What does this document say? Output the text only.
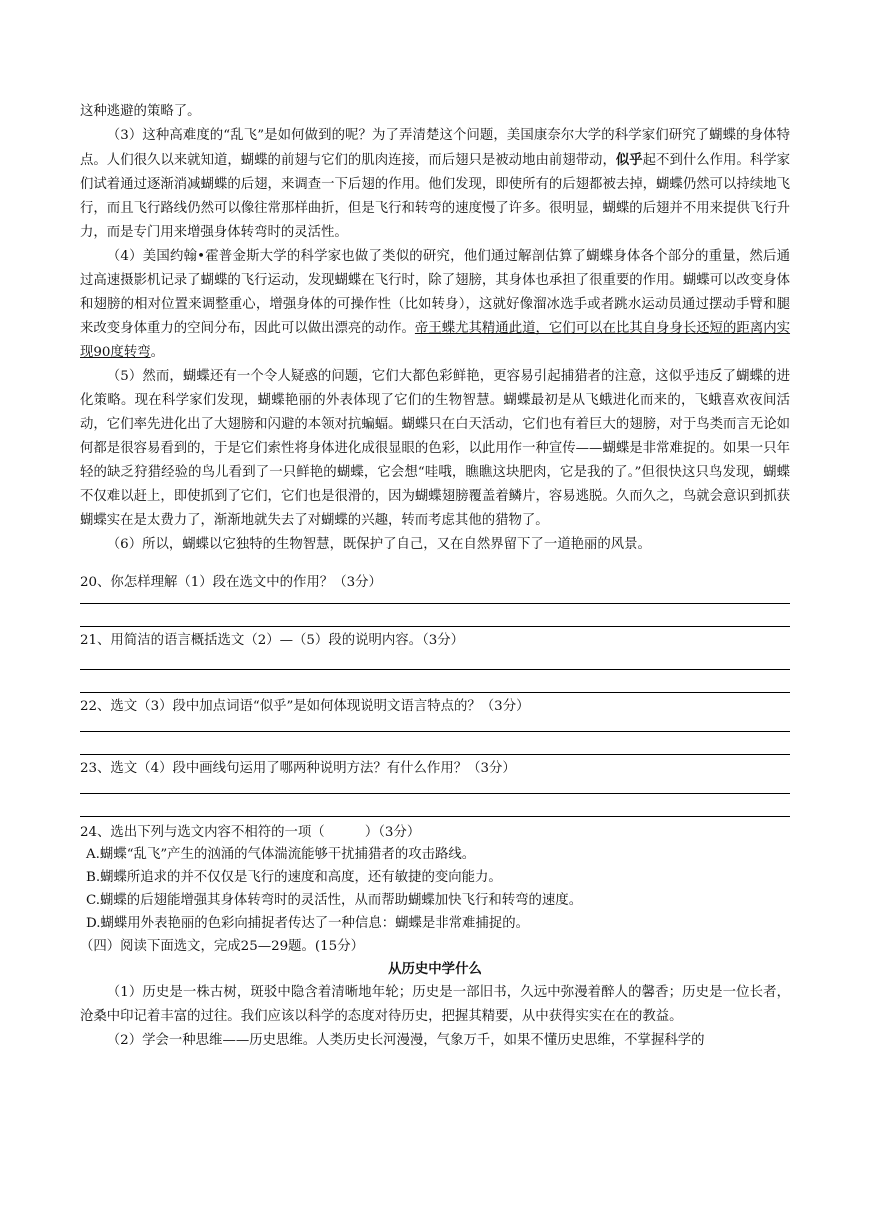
这种逃避的策略了。

（3）这种高难度的“乱飞”是如何做到的呢？为了弄清楚这个问题，美国康奈尔大学的科学家们研究了蝴蝶的身体特点。人们很久以来就知道，蝴蝶的前翅与它们的肌肉连接，而后翅只是被动地由前翅带动，似乎起不到什么作用。科学家们试着通过逐渐消减蝴蝶的后翅，来调查一下后翅的作用。他们发现，即使所有的后翅都被去掉，蝴蝶仍然可以持续地飞行，而且飞行路线仍然可以像往常那样曲折，但是飞行和转弯的速度慢了许多。很明显，蝴蝶的后翅并不用来提供飞行升力，而是专门用来增强身体转弯时的灵活性。

（4）美国约翰•霍普金斯大学的科学家也做了类似的研究，他们通过解剖估算了蝴蝶身体各个部分的重量，然后通过高速摄影机记录了蝴蝶的飞行运动，发现蝴蝶在飞行时，除了翅膀，其身体也承担了很重要的作用。蝴蝶可以改变身体和翅膀的相对位置来调整重心，增强身体的可操作性（比如转身），这就好像溜冰选手或者跳水运动员通过摆动手臂和腿来改变身体重力的空间分布，因此可以做出漂亮的动作。帝王蝶尤其精通此道，它们可以在比其自身身长还短的距离内实现90度转弯。

（5）然而，蝴蝶还有一个令人疑惑的问题，它们大都色彩鲜艳，更容易引起捕猎者的注意，这似乎违反了蝴蝶的进化策略。现在科学家们发现，蝴蝶艳丽的外表体现了它们的生物智慧。蝴蝶最初是从飞蛾进化而来的，飞蛾喜欢夜间活动，它们率先进化出了大翅膀和闪避的本领对抗蝙蝠。蝴蝶只在白天活动，它们也有着巨大的翅膀，对于鸟类而言无论如何都是很容易看到的，于是它们索性将身体进化成很显眼的色彩，以此用作一种宣传——蝴蝶是非常难捉的。如果一只年轻的缺乏狩猎经验的鸟儿看到了一只鲜艳的蝴蝶，它会想“哇哦，瞧瞧这块肥肉，它是我的了。”但很快这只鸟发现，蝴蝶不仅难以赶上，即使抓到了它们，它们也是很滑的，因为蝴蝶翅膀覆盖着鳞片，容易逃脱。久而久之，鸟就会意识到抓获蝴蝶实在是太费力了，渐渐地就失去了对蝴蝶的兴趣，转而考虑其他的猎物了。

（6）所以，蝴蝶以它独特的生物智慧，既保护了自己，又在自然界留下了一道艳丽的风景。

20、你怎样理解（1）段在选文中的作用？（3分）

21、用简洁的语言概括选文（2）—（5）段的说明内容。（3分）

22、选文（3）段中加点词语“似乎”是如何体现说明文语言特点的？（3分）

23、选文（4）段中画线句运用了哪两种说明方法？有什么作用？（3分）

24、选出下列与选文内容不相符的一项（　　　）（3分）

A.蝴蝶“乱飞”产生的汹涌的气体湍流能够干扰捕猎者的攻击路线。

B.蝴蝶所追求的并不仅仅是飞行的速度和高度，还有敏捷的变向能力。

C.蝴蝶的后翅能增强其身体转弯时的灵活性，从而帮助蝴蝶加快飞行和转弯的速度。

D.蝴蝶用外表艳丽的色彩向捕捉者传达了一种信息：蝴蝶是非常难捕捉的。

（四）阅读下面选文，完成25—29题。(15分）

从历史中学什么

（1）历史是一株古树，斑驳中隐含着清晰地年轮；历史是一部旧书，久远中弥漫着醉人的馨香；历史是一位长者，沧桑中印记着丰富的过往。我们应该以科学的态度对待历史，把握其精要，从中获得实实在在的教益。

（2）学会一种思维——历史思维。人类历史长河漫漫，气象万千，如果不懂历史思维，不掌握科学的
